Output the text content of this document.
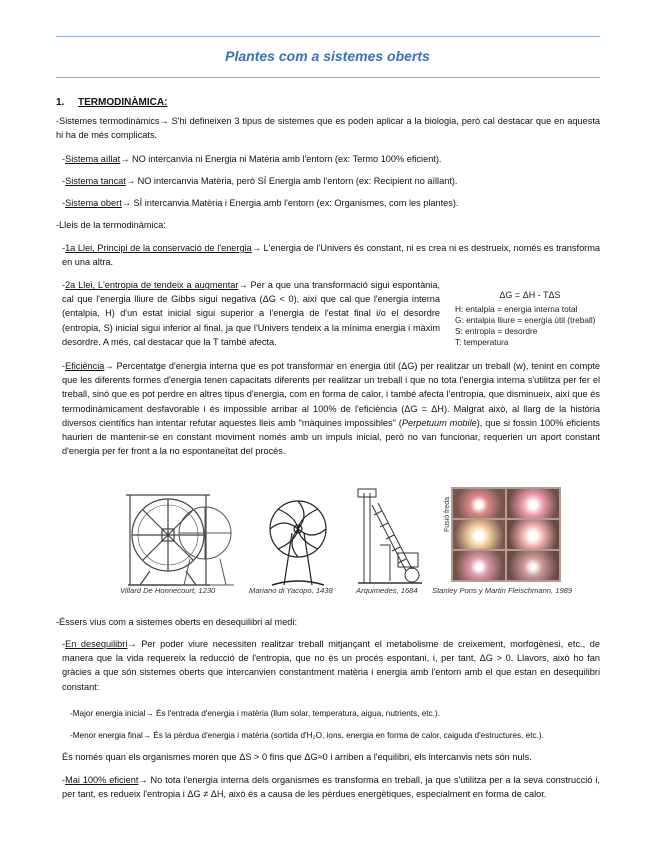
Plantes com a sistemes oberts
1. TERMODINÀMICA:
-Sistemes termodinàmics→ S'hi defineixen 3 tipus de sistemes que es poden aplicar a la biologia, però cal destacar que en aquesta hi ha de més complicats.
-Sistema aïllat→ NO intercanvia ni Energia ni Matèria amb l'entorn (ex: Termo 100% eficient).
-Sistema tancat→ NO intercanvia Matèria, però SÍ Energia amb l'entorn (ex: Recipient no aïllant).
-Sistema obert→ SÍ intercanvia Matèria i Energia amb l'entorn (ex: Organismes, com les plantes).
-Lleis de la termodinàmica:
-1a Llei, Principi de la conservació de l'energia→ L'energia de l'Univers és constant, ni es crea ni es destrueix, només es transforma en una altra.
-2a Llei, L'entropia de tendeix a augmentar→ Per a que una transformació sigui espontània, cal que l'energia lliure de Gibbs sigui negativa (ΔG < 0), així que cal que l'energia interna (entalpia, H) d'un estat inicial sigui superior a l'energia de l'estat final i/o el desordre (entropia, S) inicial sigui inferior al final, ja que l'Univers tendeix a la mínima energia i màxim desordre. A més, cal destacar que la T també afecta.
ΔG = ΔH - TΔS
H: entalpia = energia interna total
G: entalpia lliure = energia útil (treball)
S: entropia = desordre
T: temperatura
-Eficiència→ Percentatge d'energia interna que es pot transformar en energia útil (ΔG) per realitzar un treball (w), tenint en compte que les diferents formes d'energia tenen capacitats diferents per realitzar un treball i que no tota l'energia interna s'utilitza per fer el treball, sinó que es pot perdre en altres tipus d'energia, com en forma de calor, i també afecta l'entropia, que disminueix, així que és termodinàmicament desfavorable i és impossible arribar al 100% de l'eficiència (ΔG = ΔH). Malgrat això, al llarg de la història diversos científics han intentar refutar aquestes lleis amb "màquines impossibles" (Perpetuum mobile), que si fossin 100% eficients haurien de mantenir-se en constant moviment només amb un impuls inicial, però no van funcionar, requerien un aport constant d'energia per fer front a la no espontaneïtat del procés.
Fusió freda
Villard De Honnecourt, 1230	Mariano di Yacopo, 1438	Arquimedes, 1684 Stanley Pons y Martin Fleischmann, 1989
-Éssers vius com a sistemes oberts en desequilibri al medi:
-En desequilibri→ Per poder viure necessiten realitzar treball mitjançant el metabolisme de creixement, morfogènesi, etc., de manera que la vida requereix la reducció de l'entropia, que no és un procés espontani, i, per tant, ΔG > 0. Llavors, això ho fan gràcies a que són sistemes oberts que intercanvien constantment matèria i energia amb l'entorn amb el que estan en desequilibri constant:
-Major energia inicial→ És l'entrada d'energia i matèria (llum solar, temperatura, aigua, nutrients, etc.).
-Menor energia final→ És la pèrdua d'energia i matèria (sortida d'H₂O, ions, energia en forma de calor, caiguda d'estructures, etc.).
És només quan els organismes moren que ΔS > 0 fins que ΔG≈0 i arriben a l'equilibri, els intercanvis nets són nuls.
-Mai 100% eficient→ No tota l'energia interna dels organismes es transforma en treball, ja que s'utilitza per a la seva construcció i, per tant, es redueix l'entropia i ΔG ≠ ΔH, això és a causa de les pèrdues energètiques, especialment en forma de calor.
